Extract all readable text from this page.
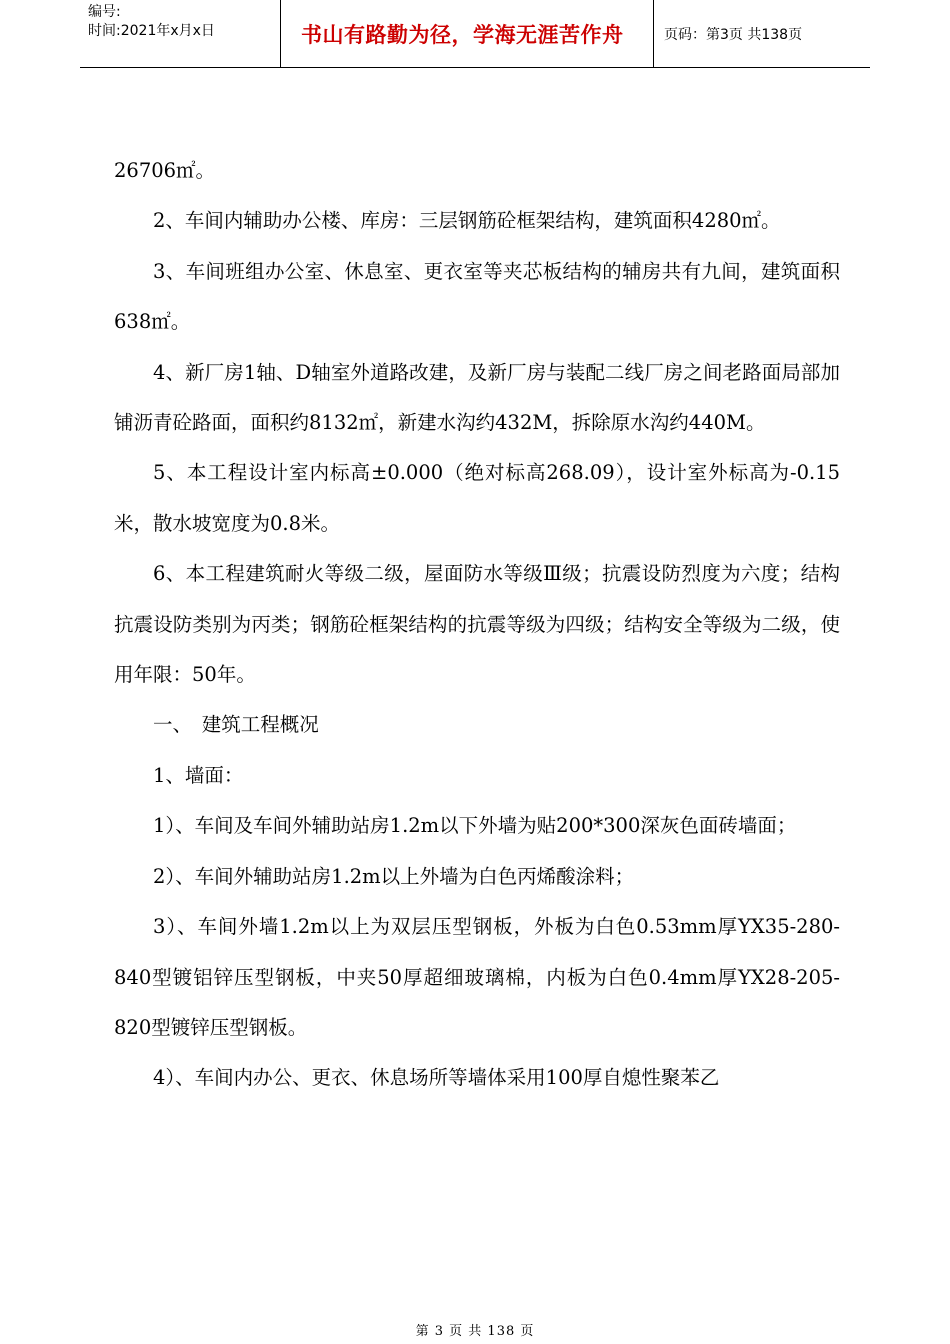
编号:
时间:2021年x月x日	书山有路勤为径，学海无涯苦作舟	页码：第3页 共138页

26706㎡。

2、车间内辅助办公楼、库房：三层钢筋砼框架结构，建筑面积4280㎡。

3、车间班组办公室、休息室、更衣室等夹芯板结构的辅房共有九间，建筑面积638㎡。

4、新厂房1轴、D轴室外道路改建，及新厂房与装配二线厂房之间老路面局部加铺沥青砼路面，面积约8132㎡，新建水沟约432M，拆除原水沟约440M。

5、本工程设计室内标高±0.000（绝对标高268.09），设计室外标高为-0.15米，散水坡宽度为0.8米。

6、本工程建筑耐火等级二级，屋面防水等级Ⅲ级；抗震设防烈度为六度；结构抗震设防类别为丙类；钢筋砼框架结构的抗震等级为四级；结构安全等级为二级，使用年限：50年。

一、　建筑工程概况

1、墙面：

1）、车间及车间外辅助站房1.2m以下外墙为贴200*300深灰色面砖墙面；

2）、车间外辅助站房1.2m以上外墙为白色丙烯酸涂料；

3）、车间外墙1.2m以上为双层压型钢板，外板为白色0.53mm厚YX35-280-840型镀铝锌压型钢板，中夹50厚超细玻璃棉，内板为白色0.4mm厚YX28-205-820型镀锌压型钢板。

4）、车间内办公、更衣、休息场所等墙体采用100厚自熄性聚苯乙

第 3 页 共 138 页
